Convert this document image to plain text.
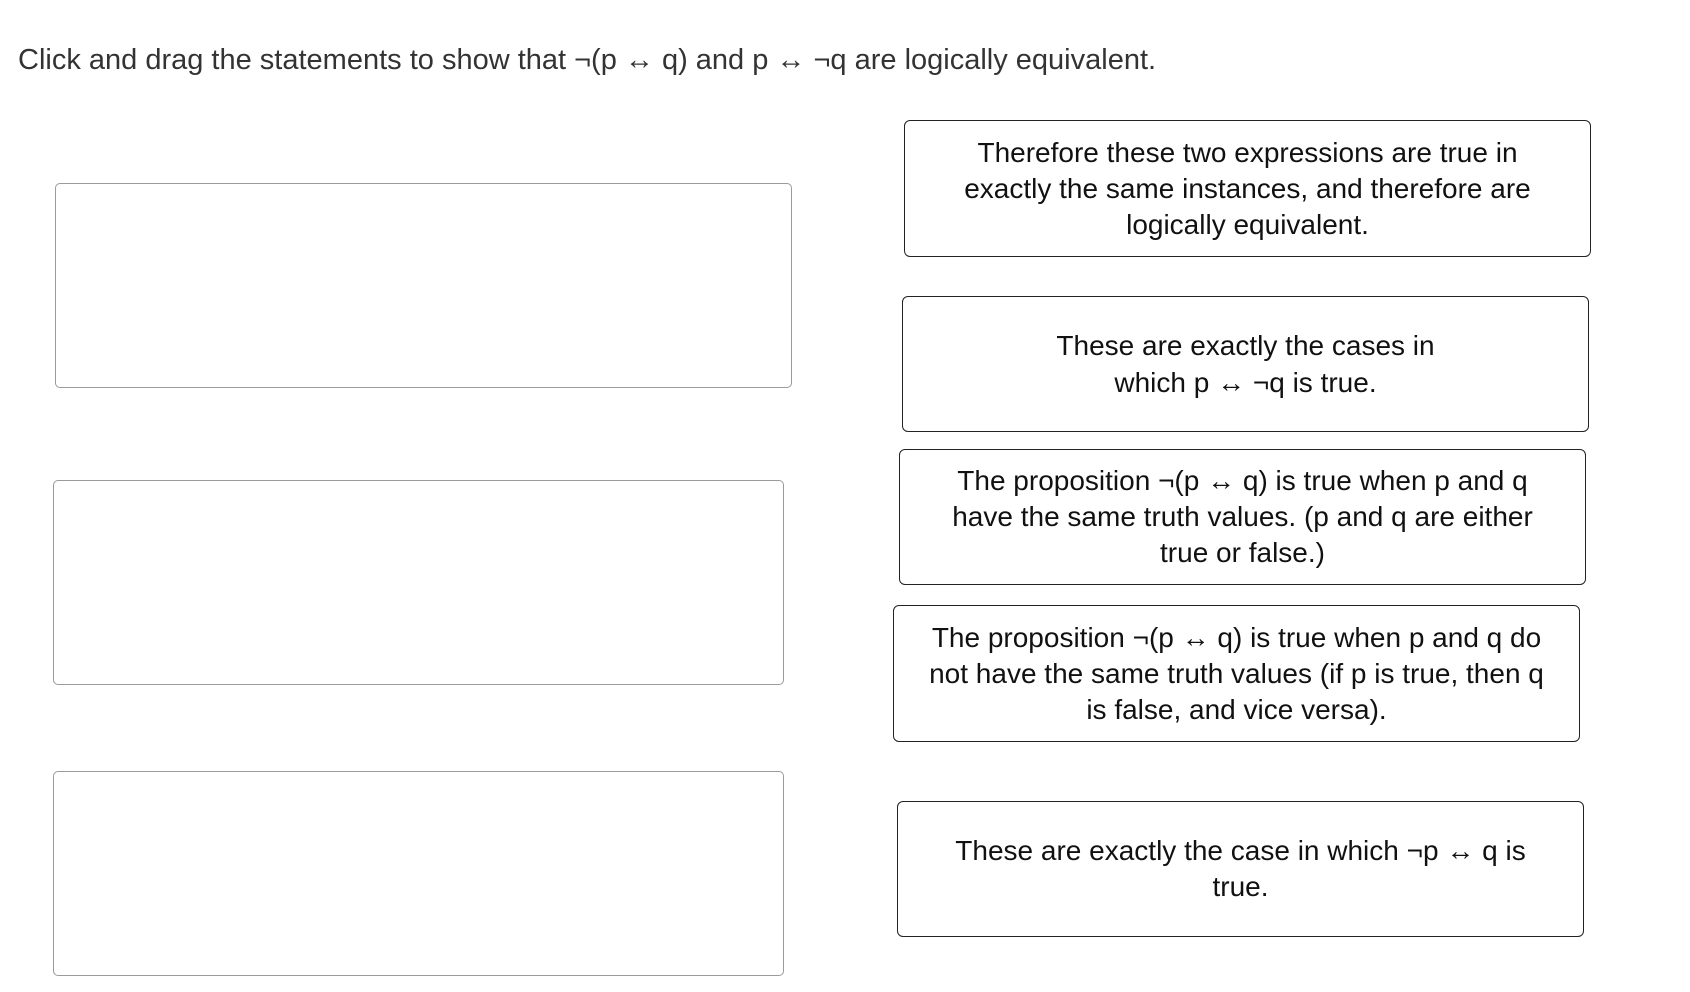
Click and drag the statements to show that ¬(p ↔ q) and p ↔ ¬q are logically equivalent.
Therefore these two expressions are true in exactly the same instances, and therefore are logically equivalent.
These are exactly the cases in which p ↔ ¬q is true.
The proposition ¬(p ↔ q) is true when p and q have the same truth values. (p and q are either true or false.)
The proposition ¬(p ↔ q) is true when p and q do not have the same truth values (if p is true, then q is false, and vice versa).
These are exactly the case in which ¬p ↔ q is true.
